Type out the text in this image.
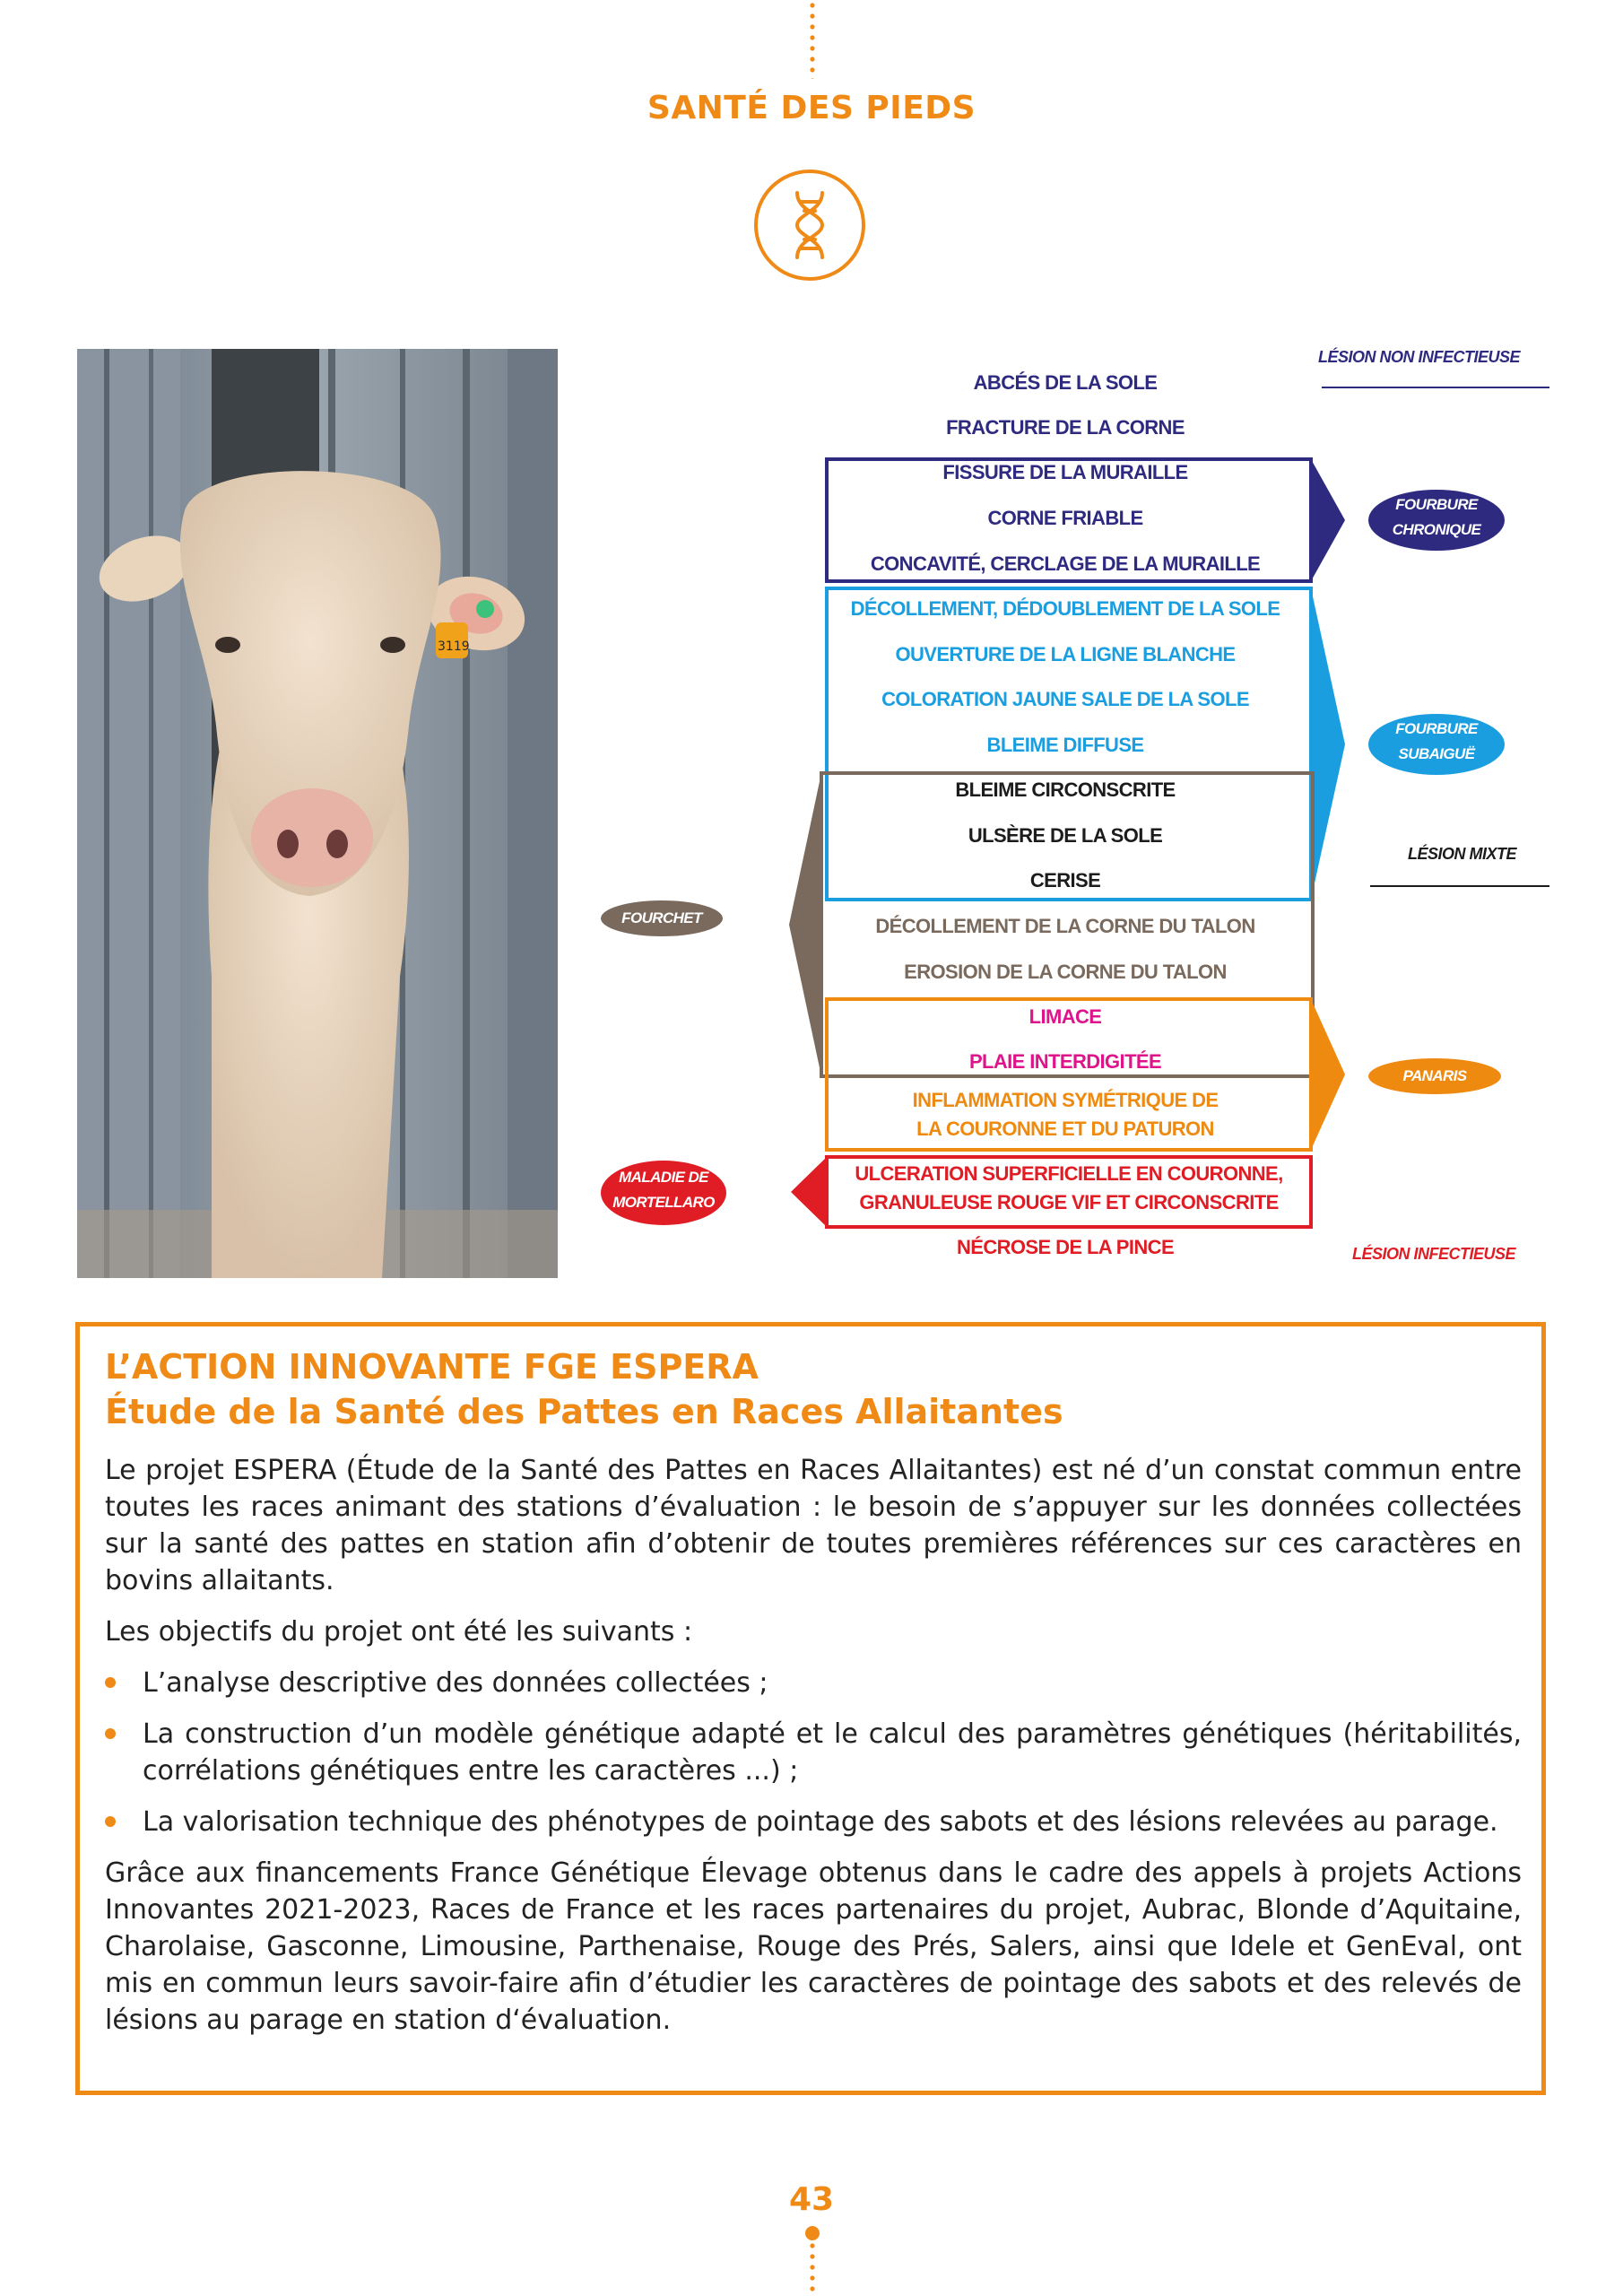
SANTÉ DES PIEDS
3119
LÉSION NON INFECTIEUSE
LÉSION MIXTE
LÉSION INFECTIEUSE
ABCÉS DE LA SOLE
FRACTURE DE LA CORNE
FISSURE DE LA MURAILLE
CORNE FRIABLE
CONCAVITÉ, CERCLAGE DE LA MURAILLE
DÉCOLLEMENT, DÉDOUBLEMENT DE LA SOLE
OUVERTURE DE LA LIGNE BLANCHE
COLORATION JAUNE SALE DE LA SOLE
BLEIME DIFFUSE
BLEIME CIRCONSCRITE
ULSÈRE DE LA SOLE
CERISE
DÉCOLLEMENT DE LA CORNE DU TALON
EROSION DE LA CORNE DU TALON
LIMACE
PLAIE INTERDIGITÉE
INFLAMMATION SYMÉTRIQUE DE
LA COURONNE ET DU PATURON
ULCERATION SUPERFICIELLE EN COURONNE,
GRANULEUSE ROUGE VIF ET CIRCONSCRITE
NÉCROSE DE LA PINCE
FOURBURE
CHRONIQUE
FOURBURE
SUBAIGUË
FOURCHET
PANARIS
MALADIE DE
MORTELLARO
L’ACTION INNOVANTE FGE ESPERA
Étude de la Santé des Pattes en Races Allaitantes

Le projet ESPERA (Étude de la Santé des Pattes en Races Allaitantes) est né d’un constat commun entre toutes les races animant des stations d’évaluation : le besoin de s’appuyer sur les données collectées sur la santé des pattes en station afin d’obtenir de toutes premières références sur ces caractères en bovins allaitants.

Les objectifs du projet ont été les suivants :

L’analyse descriptive des données collectées ;
La construction d’un modèle génétique adapté et le calcul des paramètres génétiques (héritabilités, corrélations génétiques entre les caractères ...) ;
La valorisation technique des phénotypes de pointage des sabots et des lésions relevées au parage.

Grâce aux financements France Génétique Élevage obtenus dans le cadre des appels à projets Actions Innovantes 2021-2023, Races de France et les races partenaires du projet, Aubrac, Blonde d’Aquitaine, Charolaise, Gasconne, Limousine, Parthenaise, Rouge des Prés, Salers, ainsi que Idele et GenEval, ont mis en commun leurs savoir-faire afin d’étudier les caractères de pointage des sabots et des relevés de lésions au parage en station d‘évaluation.

43
